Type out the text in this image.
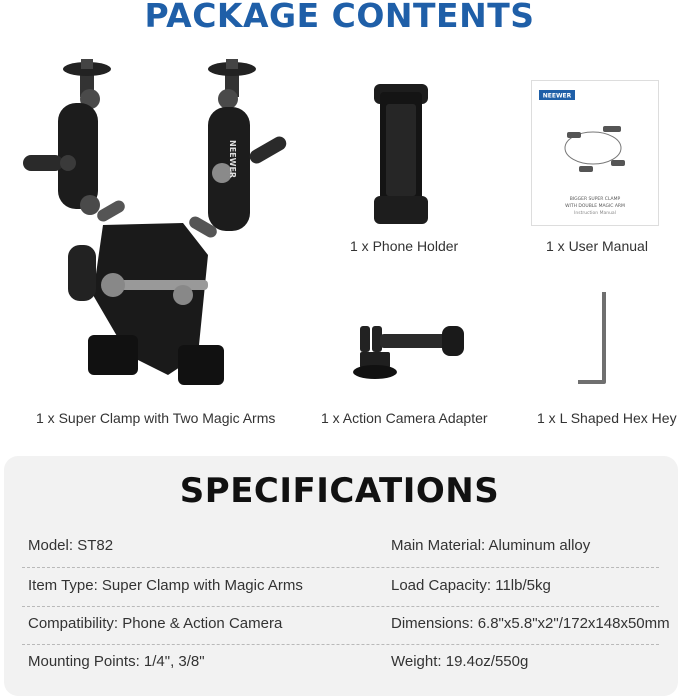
PACKAGE CONTENTS
NEEWER
1 x Super Clamp with Two Magic Arms
1 x Phone Holder
NEEWER
BIGGER SUPER CLAMP
WITH DOUBLE MAGIC ARM
Instruction Manual
1 x User Manual
1 x Action Camera Adapter	1 x L Shaped Hex Hey
SPECIFICATIONS
Model: ST82	Main Material: Aluminum alloy
Item Type: Super Clamp with Magic Arms	Load Capacity: 11lb/5kg
Compatibility: Phone & Action Camera	Dimensions: 6.8"x5.8"x2"/172x148x50mm
Mounting Points: 1/4", 3/8"	Weight: 19.4oz/550g
